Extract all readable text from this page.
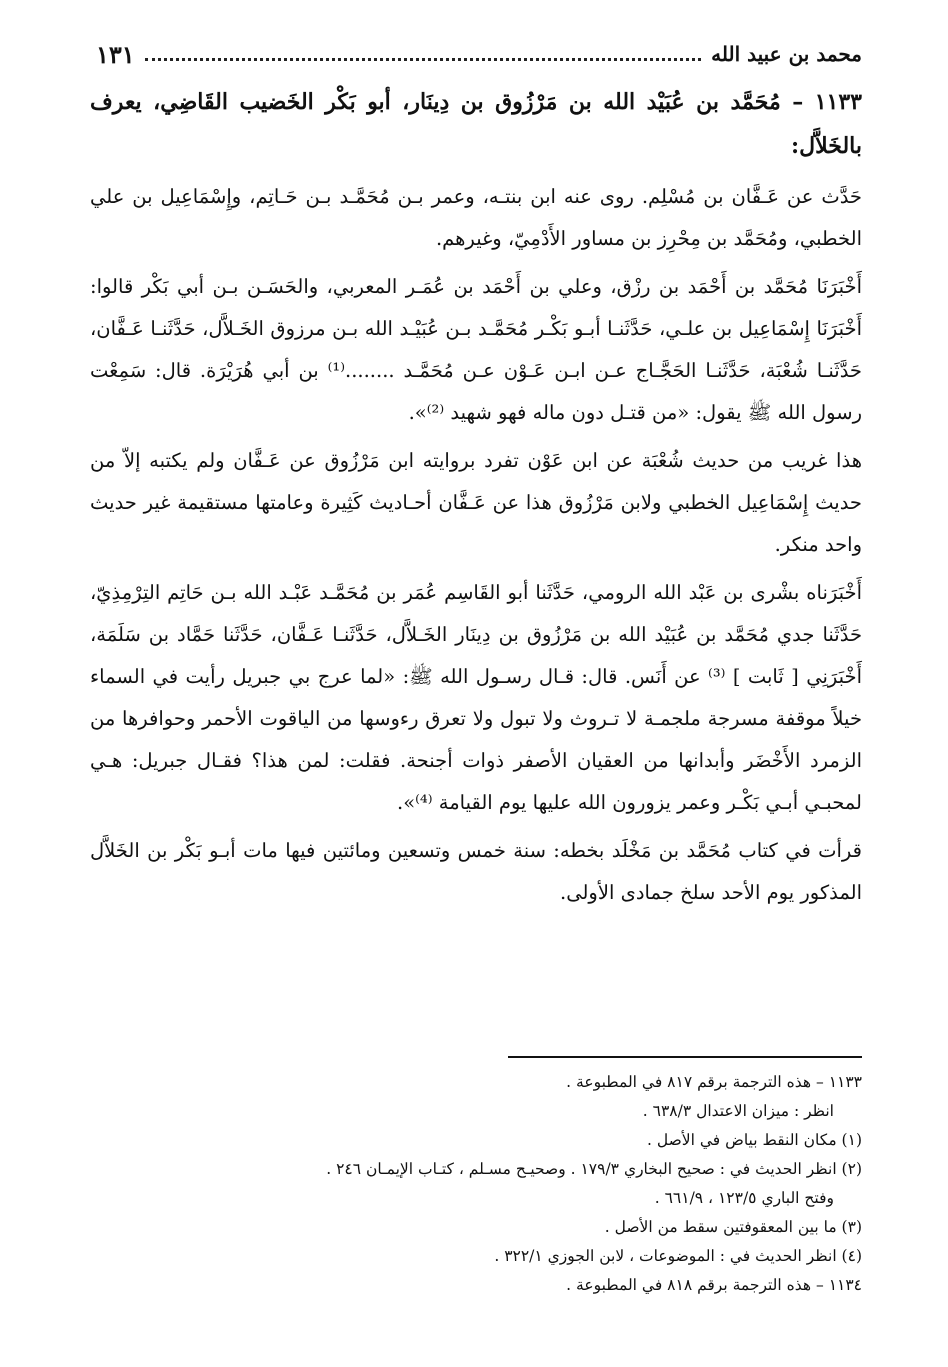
محمد بن عبيد الله
١٣١

١١٣٣ – مُحَمَّد بن عُبَيْد الله بن مَرْزُوق بن دِينَار، أبو بَكْر الخَضيب القَاضِي، يعرف بالخَلاَّل:

حَدَّث عن عَـفَّان بن مُسْلِم. روى عنه ابن بنتـه، وعمر بـن مُحَمَّـد بـن حَـاتِم، وإِسْمَاعِيل بن علي الخطبي، ومُحَمَّد بن مِحْرِز بن مساور الأَدْمِيّ، وغيرهم.

أَخْبَرَنَا مُحَمَّد بن أَحْمَد بن رزْق، وعلي بن أَحْمَد بن عُمَـر المعربي، والحَسَـن بـن أبي بَكْر قالوا: أَخْبَرَنَا إِسْمَاعِيل بن علـي، حَدَّثَنـا أبـو بَكْـر مُحَمَّـد بـن عُبَيْـد الله بـن مرزوق الخَـلاَّل، حَدَّثَنـا عَـفَّان، حَدَّثَنـا شُعْبَة، حَدَّثَنـا الحَجَّـاج عـن ابـن عَـوْن عـن مُحَمَّـد ........⁽¹⁾ بن أبي هُرَيْرَة. قال: سَمِعْت رسول الله ﷺ يقول: «من قتـل دون ماله فهو شهيد ⁽²⁾».

هذا غريب من حديث شُعْبَة عن ابن عَوْن تفرد بروايته ابن مَرْزُوق عن عَـفَّان ولم يكتبه إلاّ من حديث إِسْمَاعِيل الخطبي ولابن مَرْزُوق هذا عن عَـفَّان أحـاديث كَثِيرة وعامتها مستقيمة غير حديث واحد منكر.

أَخْبَرَناه بشْرى بن عَبْد الله الرومي، حَدَّثَنا أبو القَاسِم عُمَر بن مُحَمَّـد عَبْـد الله بـن حَاتِم التِرْمِذِيّ، حَدَّثَنا جدي مُحَمَّد بن عُبَيْد الله بن مَرْزُوق بن دِينَار الخَـلاَّل، حَدَّثَنـا عَـفَّان، حَدَّثَنا حَمَّاد بن سَلَمَة، أَخْبَرَنِي [ ثَابت ] ⁽³⁾ عن أَنَس. قال: قـال رسـول الله ﷺ: «لما عرج بي جبريل رأيت في السماء خيلاً موقفة مسرجة ملجمـة لا تـروث ولا تبول ولا تعرق رءوسها من الياقوت الأحمر وحوافرها من الزمرد الأَخْضَر وأبدانها من العقيان الأصفر ذوات أجنحة. فقلت: لمن هذا؟ فقـال جبريل: هـي لمحبـي أبـي بَكْـر وعمر يزورون الله عليها يوم القيامة ⁽⁴⁾».

قرأت في كتاب مُحَمَّد بن مَخْلَد بخطه: سنة خمس وتسعين ومائتين فيها مات أبـو بَكْر بن الخَلاَّل المذكور يوم الأحد سلخ جمادى الأولى.

١١٣٣ – هذه الترجمة برقم ٨١٧ في المطبوعة .

انظر : ميزان الاعتدال ٦٣٨/٣ .

(١) مكان النقط بياض في الأصل .

(٢) انظر الحديث في : صحيح البخاري ١٧٩/٣ . وصحيـح مسـلم ، كتـاب الإيمـان ٢٤٦ .

وفتح الباري ١٢٣/٥ ، ٦٦١/٩ .

(٣) ما بين المعقوفتين سقط من الأصل .

(٤) انظر الحديث في : الموضوعات ، لابن الجوزي ٣٢٢/١ .

١١٣٤ – هذه الترجمة برقم ٨١٨ في المطبوعة .
